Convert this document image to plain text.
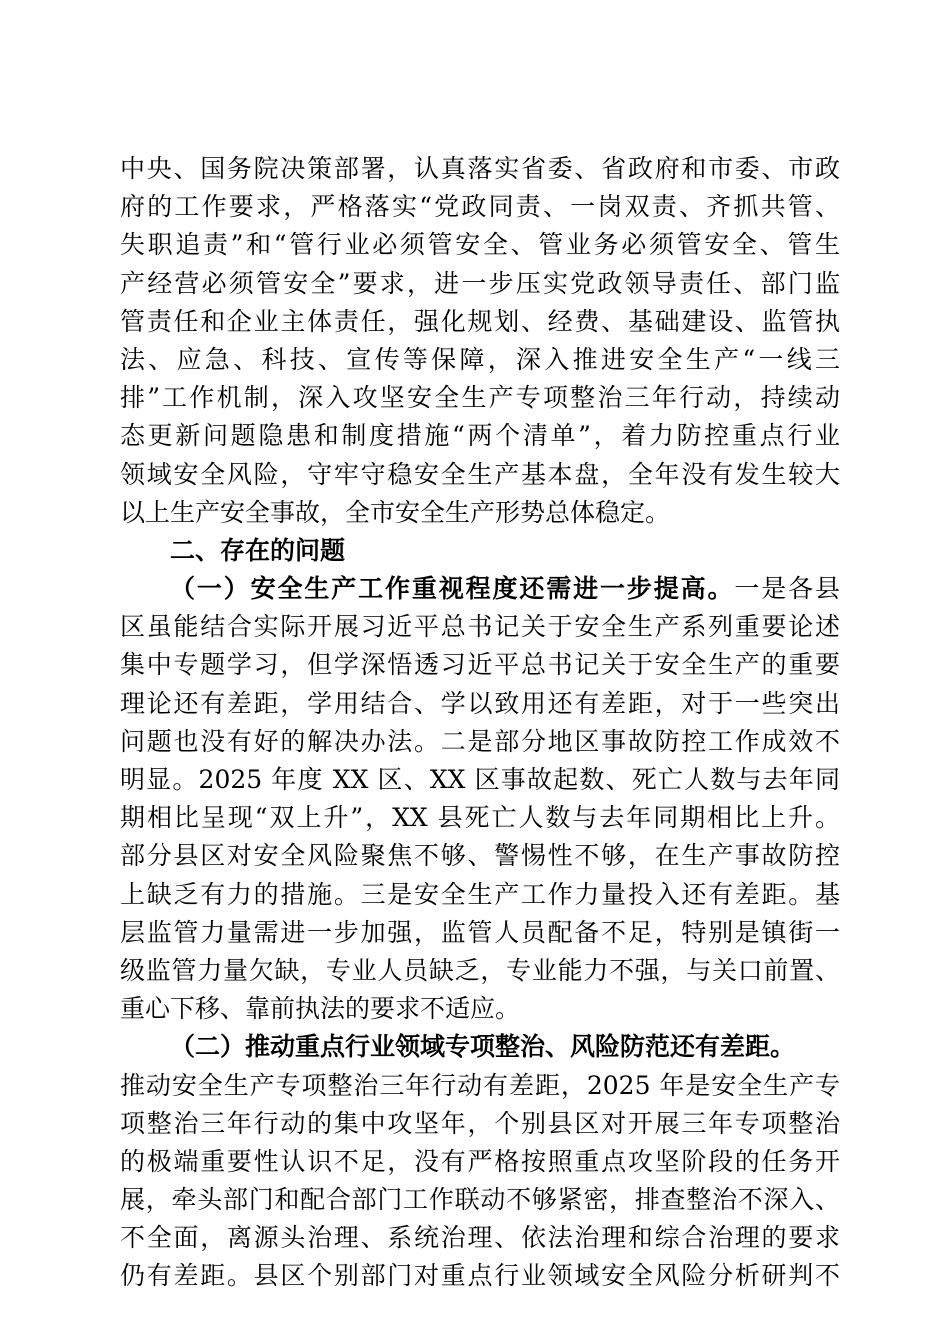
中央、国务院决策部署，认真落实省委、省政府和市委、市政
府的工作要求，严格落实“党政同责、一岗双责、齐抓共管、
失职追责”和“管行业必须管安全、管业务必须管安全、管生
产经营必须管安全”要求，进一步压实党政领导责任、部门监
管责任和企业主体责任，强化规划、经费、基础建设、监管执
法、应急、科技、宣传等保障，深入推进安全生产“一线三
排”工作机制，深入攻坚安全生产专项整治三年行动，持续动
态更新问题隐患和制度措施“两个清单”，着力防控重点行业
领域安全风险，守牢守稳安全生产基本盘，全年没有发生较大
以上生产安全事故，全市安全生产形势总体稳定。
二、存在的问题
（一）安全生产工作重视程度还需进一步提高。一是各县
区虽能结合实际开展习近平总书记关于安全生产系列重要论述
集中专题学习，但学深悟透习近平总书记关于安全生产的重要
理论还有差距，学用结合、学以致用还有差距，对于一些突出
问题也没有好的解决办法。二是部分地区事故防控工作成效不
明显。2025 年度 XX 区、XX 区事故起数、死亡人数与去年同
期相比呈现“双上升”，XX 县死亡人数与去年同期相比上升。
部分县区对安全风险聚焦不够、警惕性不够，在生产事故防控
上缺乏有力的措施。三是安全生产工作力量投入还有差距。基
层监管力量需进一步加强，监管人员配备不足，特别是镇街一
级监管力量欠缺，专业人员缺乏，专业能力不强，与关口前置、
重心下移、靠前执法的要求不适应。
（二）推动重点行业领域专项整治、风险防范还有差距。
推动安全生产专项整治三年行动有差距，2025 年是安全生产专
项整治三年行动的集中攻坚年，个别县区对开展三年专项整治
的极端重要性认识不足，没有严格按照重点攻坚阶段的任务开
展，牵头部门和配合部门工作联动不够紧密，排查整治不深入、
不全面，离源头治理、系统治理、依法治理和综合治理的要求
仍有差距。县区个别部门对重点行业领域安全风险分析研判不
